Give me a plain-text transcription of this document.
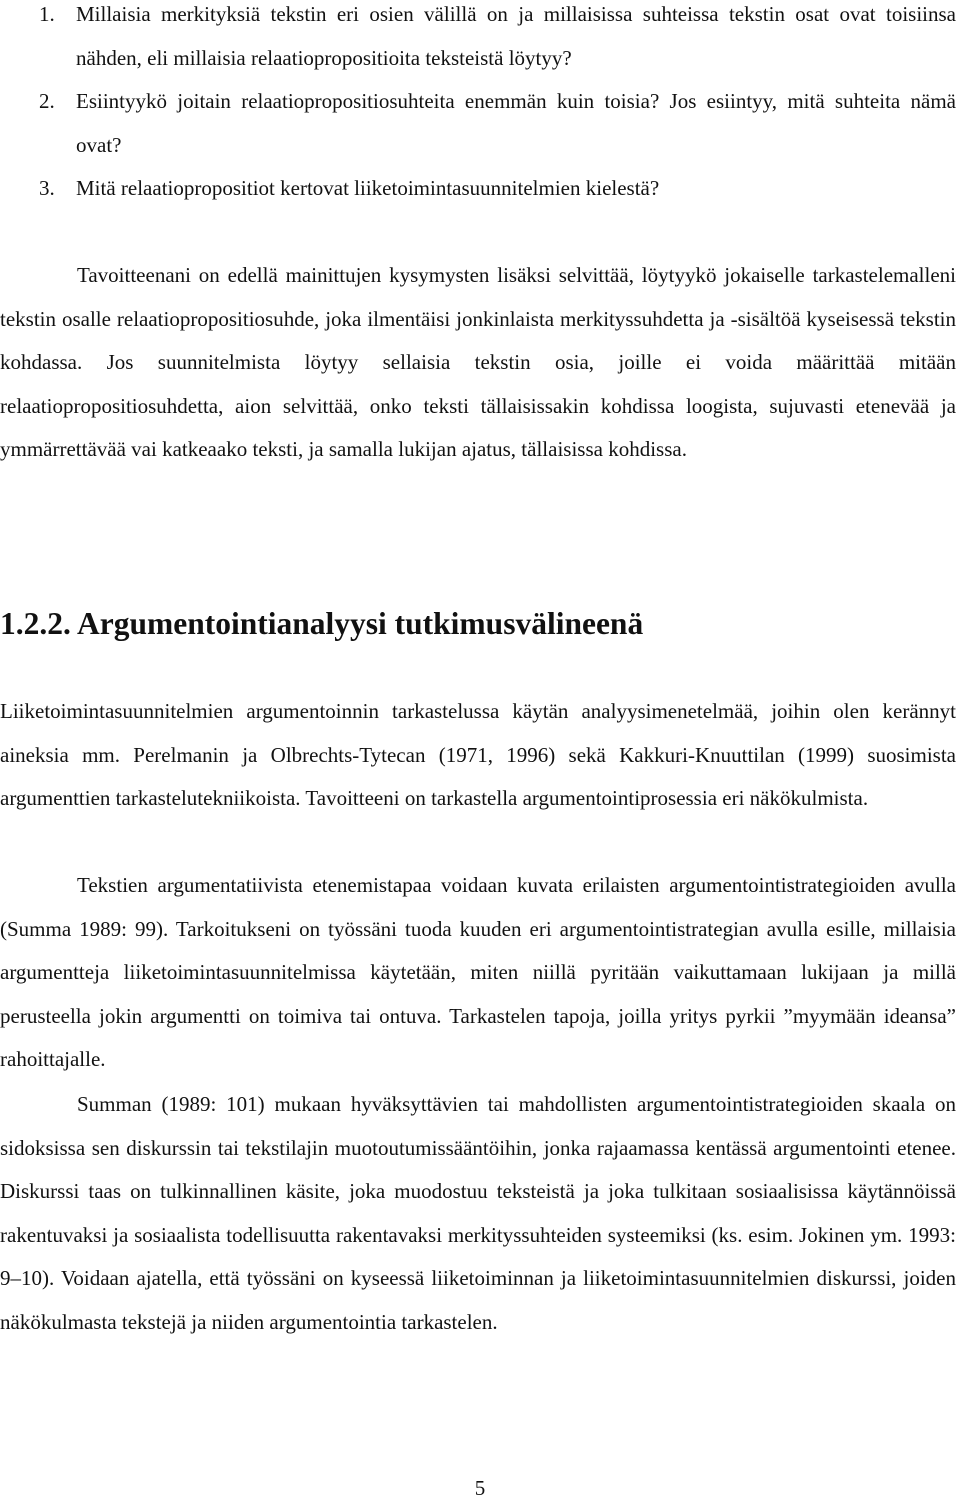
1. Millaisia merkityksiä tekstin eri osien välillä on ja millaisissa suhteissa tekstin osat ovat toisiinsa nähden, eli millaisia relaatiopropositioita teksteistä löytyy?
2. Esiintyykö joitain relaatiopropositiosuhteita enemmän kuin toisia? Jos esiintyy, mitä suhteita nämä ovat?
3. Mitä relaatiopropositiot kertovat liiketoimintasuunnitelmien kielestä?

Tavoitteenani on edellä mainittujen kysymysten lisäksi selvittää, löytyykö jokaiselle tarkastelemalleni tekstin osalle relaatiopropositiosuhde, joka ilmentäisi jonkinlaista merkityssuhdetta ja -sisältöä kyseisessä tekstin kohdassa. Jos suunnitelmista löytyy sellaisia tekstin osia, joille ei voida määrittää mitään relaatiopropositiosuhdetta, aion selvittää, onko teksti tällaisissakin kohdissa loogista, sujuvasti etenevää ja ymmärrettävää vai katkeaako teksti, ja samalla lukijan ajatus, tällaisissa kohdissa.

1.2.2. Argumentointianalyysi tutkimusvälineenä

Liiketoimintasuunnitelmien argumentoinnin tarkastelussa käytän analyysimenetelmää, joihin olen kerännyt aineksia mm. Perelmanin ja Olbrechts-Tytecan (1971, 1996) sekä Kakkuri-Knuuttilan (1999) suosimista argumenttien tarkastelutekniikoista. Tavoitteeni on tarkastella argumentointiprosessia eri näkökulmista.

Tekstien argumentatiivista etenemistapaa voidaan kuvata erilaisten argumentointistrategioiden avulla (Summa 1989: 99). Tarkoitukseni on työssäni tuoda kuuden eri argumentointistrategian avulla esille, millaisia argumentteja liiketoimintasuunnitelmissa käytetään, miten niillä pyritään vaikuttamaan lukijaan ja millä perusteella jokin argumentti on toimiva tai ontuva. Tarkastelen tapoja, joilla yritys pyrkii ”myymään ideansa” rahoittajalle.

Summan (1989: 101) mukaan hyväksyttävien tai mahdollisten argumentointistrategioiden skaala on sidoksissa sen diskurssin tai tekstilajin muotoutumissääntöihin, jonka rajaamassa kentässä argumentointi etenee. Diskurssi taas on tulkinnallinen käsite, joka muodostuu teksteistä ja joka tulkitaan sosiaalisissa käytännöissä rakentuvaksi ja sosiaalista todellisuutta rakentavaksi merkityssuhteiden systeemiksi (ks. esim. Jokinen ym. 1993: 9–10). Voidaan ajatella, että työssäni on kyseessä liiketoiminnan ja liiketoimintasuunnitelmien diskurssi, joiden näkökulmasta tekstejä ja niiden argumentointia tarkastelen.

5
